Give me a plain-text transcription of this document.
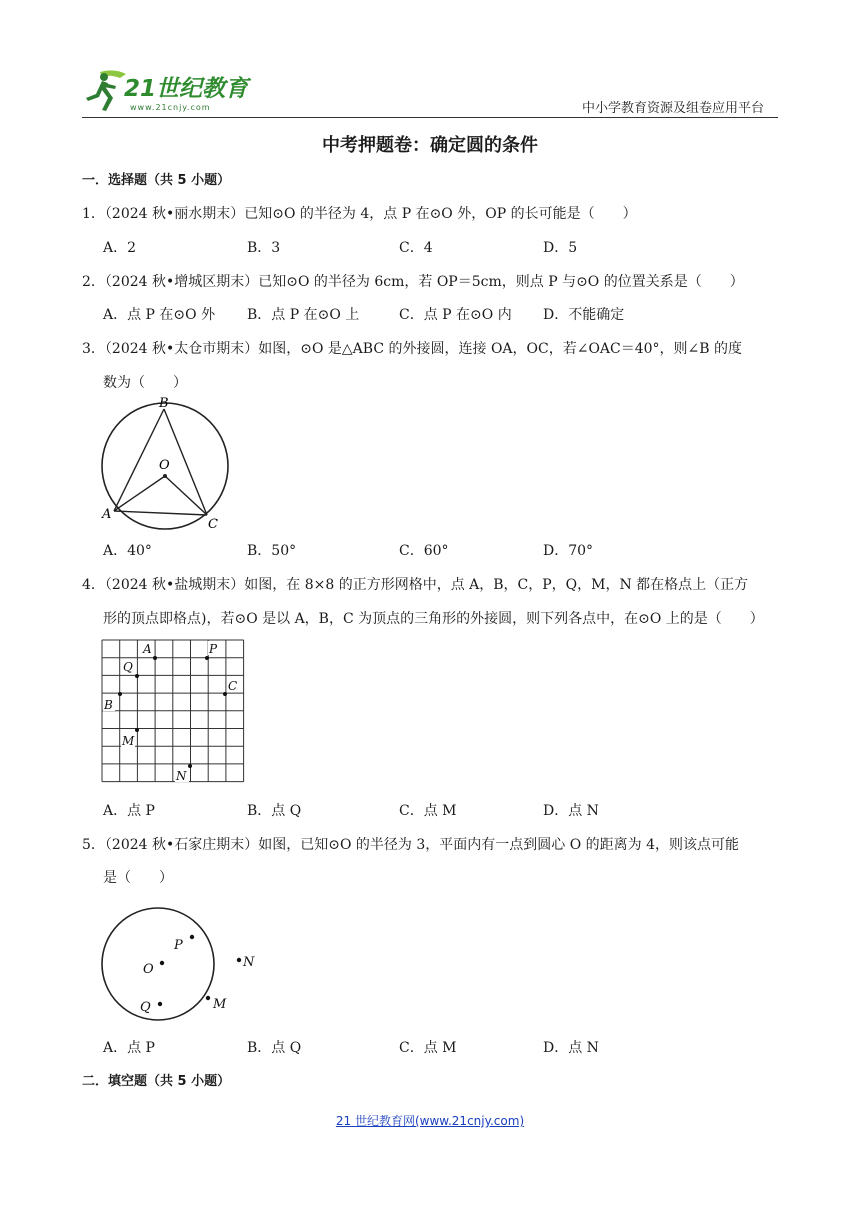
21世纪教育
www.21cnjy.com	中小学教育资源及组卷应用平台
中考押题卷：确定圆的条件
一．选择题（共 5 小题）
1．（2024 秋•丽水期末）已知⊙O 的半径为 4，点 P 在⊙O 外，OP 的长可能是（　　）
A．2	B．3	C．4	D．5
2．（2024 秋•增城区期末）已知⊙O 的半径为 6cm，若 OP＝5cm，则点 P 与⊙O 的位置关系是（　　）
A．点 P 在⊙O 外 B．点 P 在⊙O 上	C．点 P 在⊙O 内 D．不能确定
3．（2024 秋•太仓市期末）如图，⊙O 是△ABC 的外接圆，连接 OA，OC，若∠OAC＝40°，则∠B 的度
数为（　　）
B
O
A
C
A．40°	B．50°	C．60°	D．70°
4．（2024 秋•盐城期末）如图，在 8×8 的正方形网格中，点 A，B，C，P，Q，M，N 都在格点上（正方
形的顶点即格点)，若⊙O 是以 A，B，C 为顶点的三角形的外接圆，则下列各点中，在⊙O 上的是（　　）
A	P
Q
C
B
M
N
A．点 P	B．点 Q	C．点 M	D．点 N
5．（2024 秋•石家庄期末）如图，已知⊙O 的半径为 3，平面内有一点到圆心 O 的距离为 4，则该点可能
是（　　）
P
O	N
Q	M
A．点 P	B．点 Q	C．点 M	D．点 N
二．填空题（共 5 小题）
21 世纪教育网(www.21cnjy.com)
